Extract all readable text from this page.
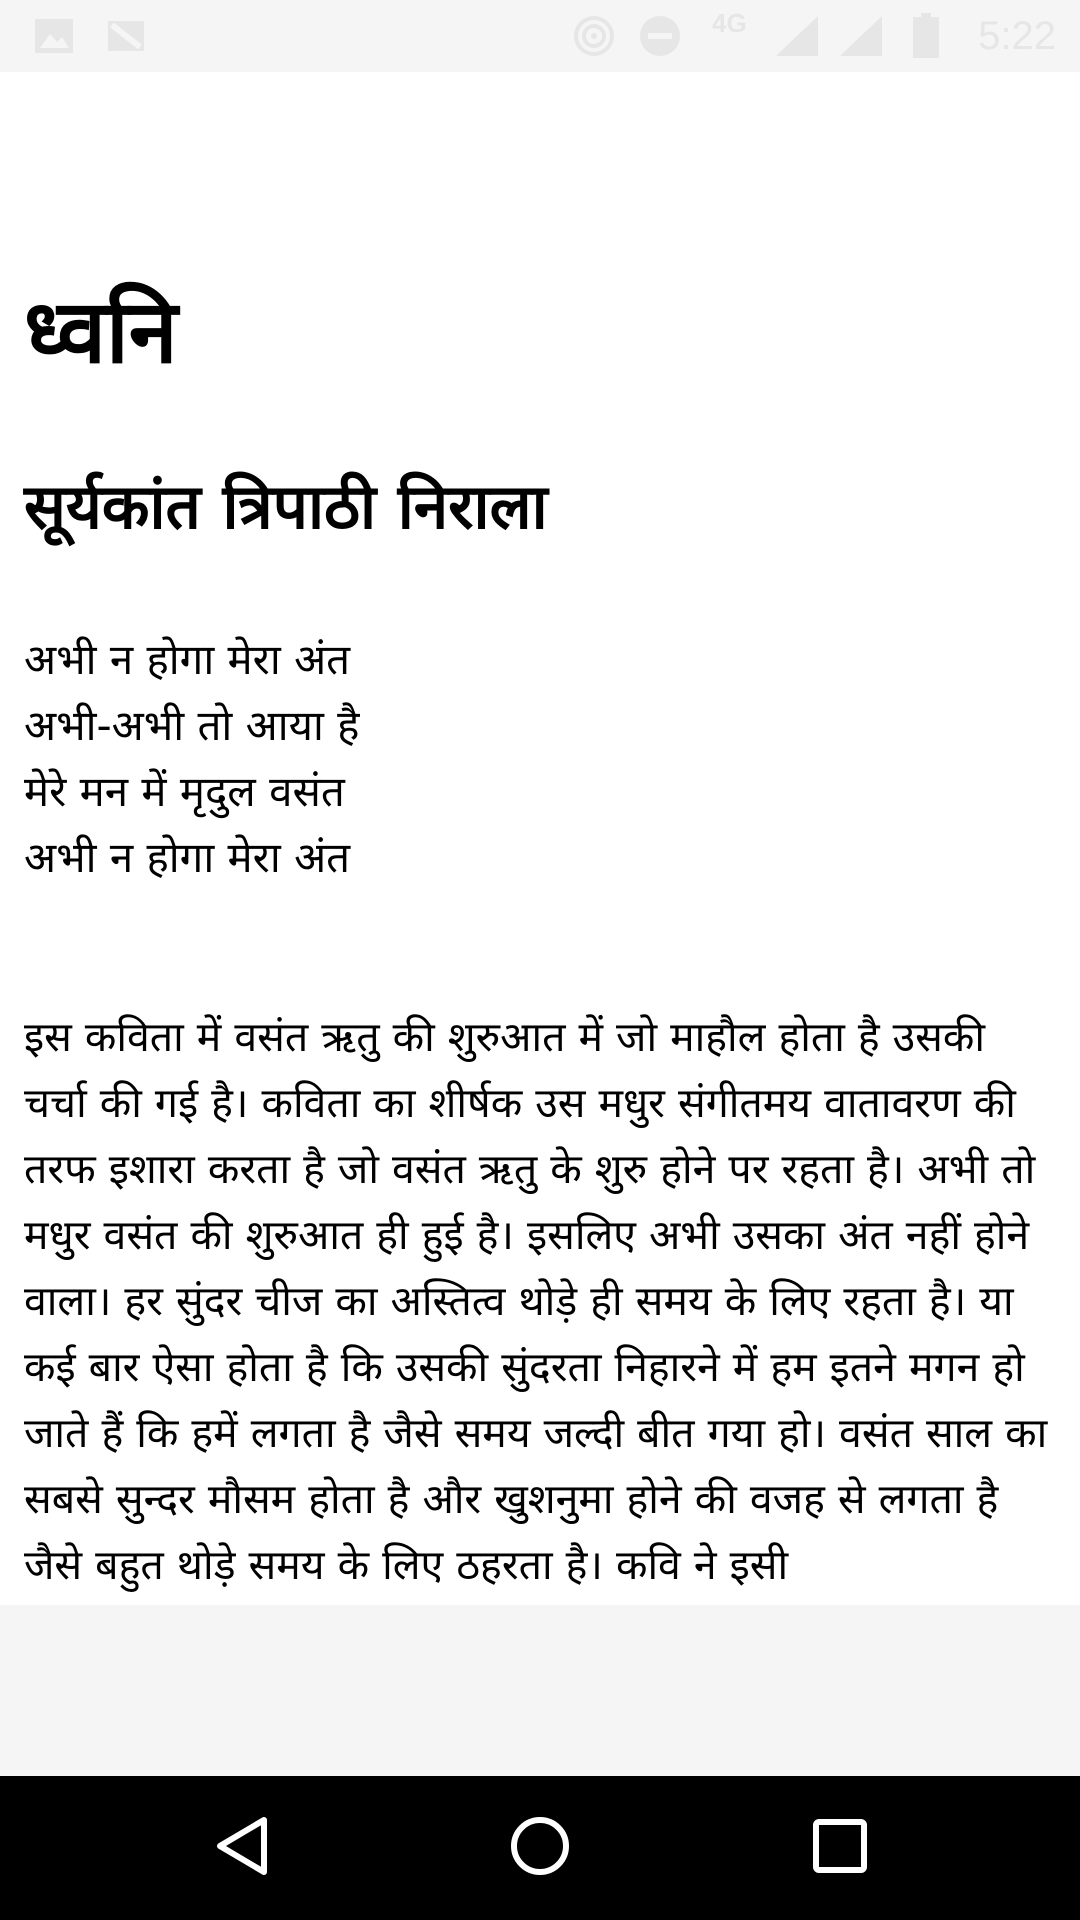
4G	5:22
ध्वनि
सूर्यकांत त्रिपाठी निराला
अभी न होगा मेरा अंत
अभी-अभी तो आया है
मेरे मन में मृदुल वसंत
अभी न होगा मेरा अंत

इस कविता में वसंत ऋतु की शुरुआत में जो माहौल होता है उसकी चर्चा की गई है। कविता का शीर्षक उस मधुर संगीतमय वातावरण की तरफ इशारा करता है जो वसंत ऋतु के शुरु होने पर रहता है। अभी तो मधुर वसंत की शुरुआत ही हुई है। इसलिए अभी उसका अंत नहीं होने वाला। हर सुंदर चीज का अस्तित्व थोड़े ही समय के लिए रहता है। या कई बार ऐसा होता है कि उसकी सुंदरता निहारने में हम इतने मगन हो जाते हैं कि हमें लगता है जैसे समय जल्दी बीत गया हो। वसंत साल का सबसे सुन्दर मौसम होता है और खुशनुमा होने की वजह से लगता है जैसे बहुत थोड़े समय के लिए ठहरता है। कवि ने इसी
